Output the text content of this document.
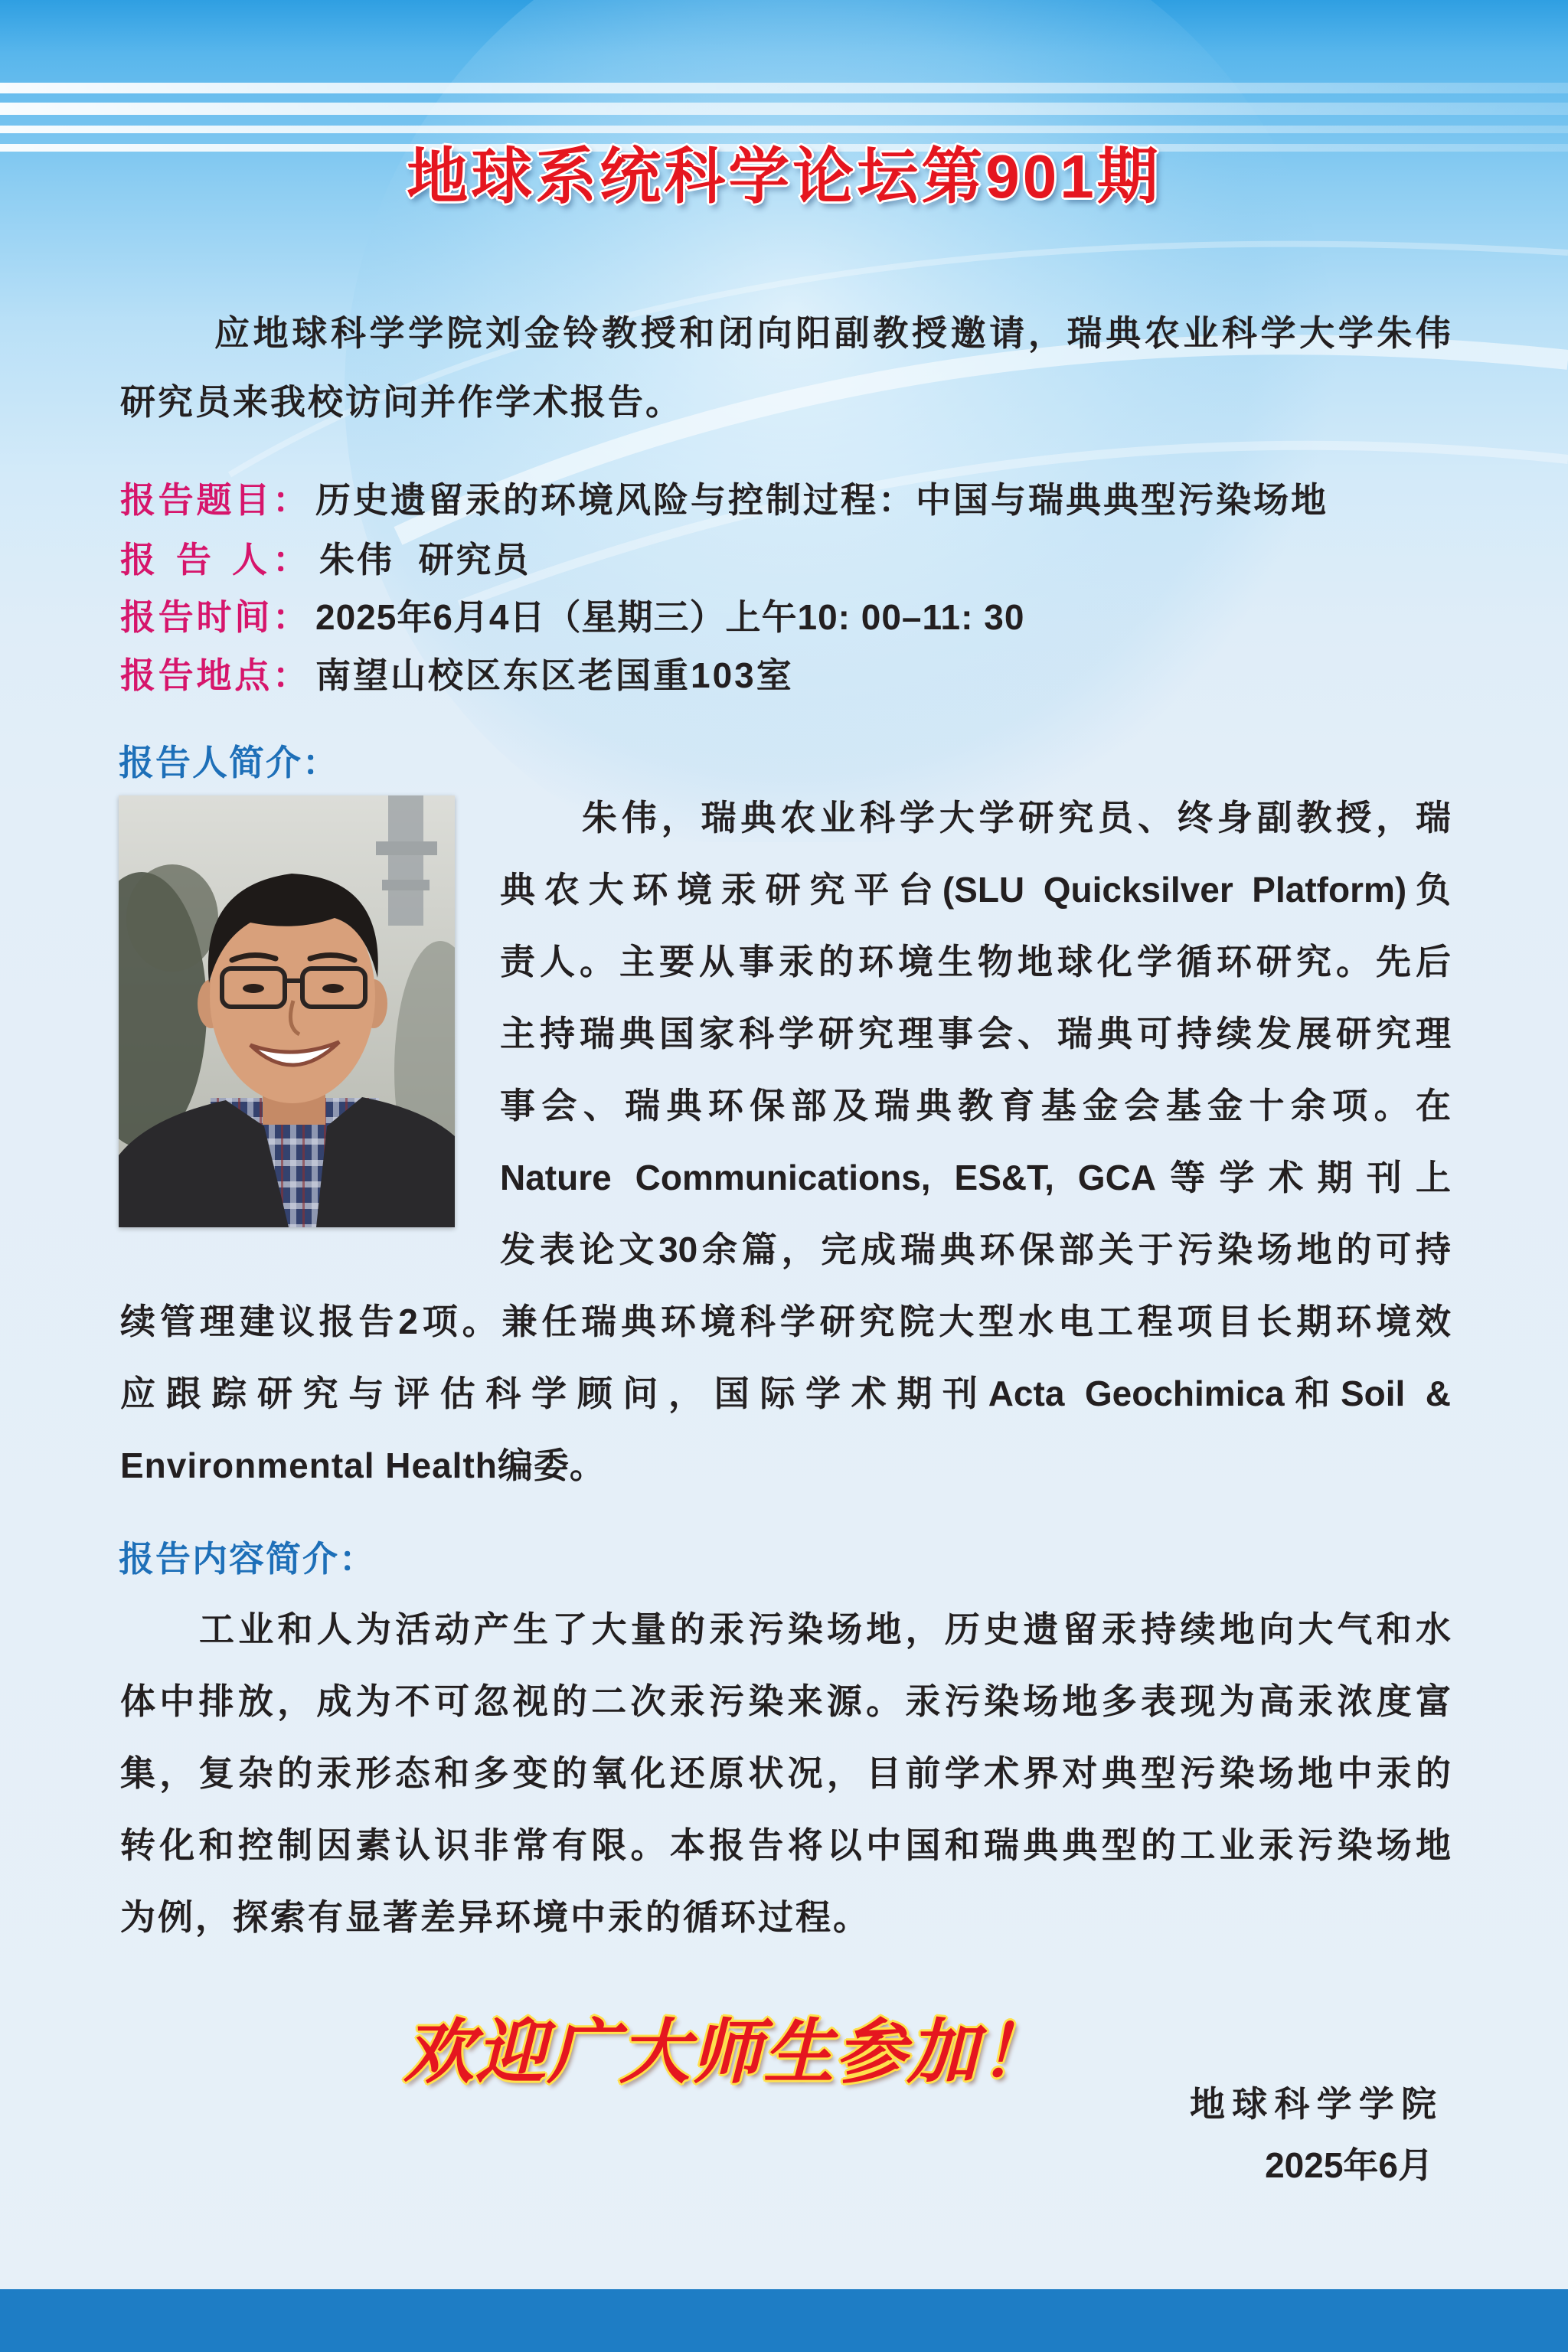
地球系统科学论坛第901期
应地球科学学院刘金铃教授和闭向阳副教授邀请，瑞典农业科学大学朱伟
研究员来我校访问并作学术报告。
报告题目： 历史遗留汞的环境风险与控制过程：中国与瑞典典型污染场地
报 告 人： 朱伟  研究员
报告时间： 2025年6月4日（星期三）上午10: 00–11: 30
报告地点： 南望山校区东区老国重103室
报告人简介：
朱伟，瑞典农业科学大学研究员、终身副教授，瑞
典农大环境汞研究平台(SLU Quicksilver Platform)负
责人。主要从事汞的环境生物地球化学循环研究。先后
主持瑞典国家科学研究理事会、瑞典可持续发展研究理
事会、瑞典环保部及瑞典教育基金会基金十余项。在
Nature Communications, ES&T, GCA等学术期刊上
发表论文30余篇，完成瑞典环保部关于污染场地的可持
续管理建议报告2项。兼任瑞典环境科学研究院大型水电工程项目长期环境效
应跟踪研究与评估科学顾问，国际学术期刊Acta Geochimica和Soil &
Environmental Health编委。
报告内容简介：
工业和人为活动产生了大量的汞污染场地，历史遗留汞持续地向大气和水
体中排放，成为不可忽视的二次汞污染来源。汞污染场地多表现为高汞浓度富
集，复杂的汞形态和多变的氧化还原状况，目前学术界对典型污染场地中汞的
转化和控制因素认识非常有限。本报告将以中国和瑞典典型的工业汞污染场地
为例，探索有显著差异环境中汞的循环过程。
欢迎广大师生参加！
地球科学学院
2025年6月
